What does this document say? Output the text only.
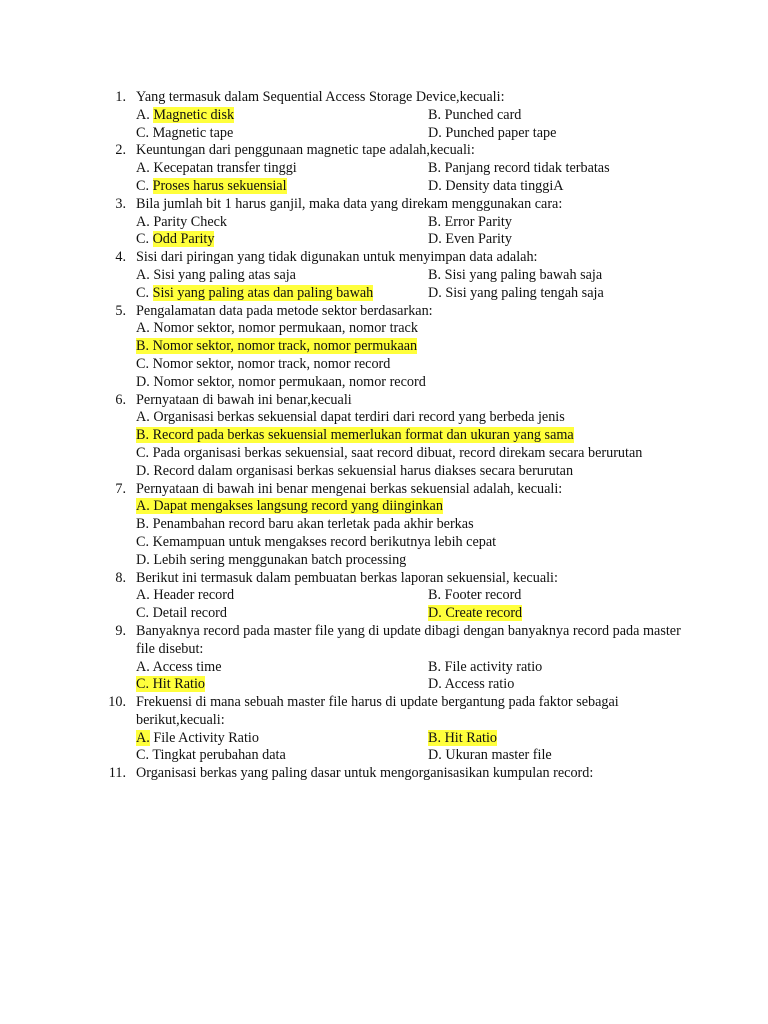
1. Yang termasuk dalam Sequential Access Storage Device,kecuali:
A. Magnetic disk	B. Punched card
C. Magnetic tape	D. Punched paper tape
2. Keuntungan dari penggunaan magnetic tape adalah,kecuali:
A. Kecepatan transfer tinggi	B. Panjang record tidak terbatas
C. Proses harus sekuensial	D. Density data tinggiA
3. Bila jumlah bit 1 harus ganjil, maka data yang direkam menggunakan cara:
A. Parity Check	B. Error Parity
C. Odd Parity	D. Even Parity
4. Sisi dari piringan yang tidak digunakan untuk menyimpan data adalah:
A. Sisi yang paling atas saja	B. Sisi yang paling bawah saja
C. Sisi yang paling atas dan paling bawah	D. Sisi yang paling tengah saja
5. Pengalamatan data pada metode sektor berdasarkan:
A. Nomor sektor, nomor permukaan, nomor track
B. Nomor sektor, nomor track, nomor permukaan
C. Nomor sektor, nomor track, nomor record
D. Nomor sektor, nomor permukaan, nomor record
6. Pernyataan di bawah ini benar,kecuali
A. Organisasi berkas sekuensial dapat terdiri dari record yang berbeda jenis
B. Record pada berkas sekuensial memerlukan format dan ukuran yang sama
C. Pada organisasi berkas sekuensial, saat record dibuat, record direkam secara berurutan
D. Record dalam organisasi berkas sekuensial harus diakses secara berurutan
7. Pernyataan di bawah ini benar mengenai berkas sekuensial adalah, kecuali:
A. Dapat mengakses langsung record yang diinginkan
B. Penambahan record baru akan terletak pada akhir berkas
C. Kemampuan untuk mengakses record berikutnya lebih cepat
D. Lebih sering menggunakan batch processing
8. Berikut ini termasuk dalam pembuatan berkas laporan sekuensial, kecuali:
A. Header record	B. Footer record
C. Detail record	D. Create record
9. Banyaknya record pada master file yang di update dibagi dengan banyaknya record pada master file disebut:
A. Access time	B. File activity ratio
C. Hit Ratio	D. Access ratio
10. Frekuensi di mana sebuah master file harus di update bergantung pada faktor sebagai berikut,kecuali:
A. File Activity Ratio	B. Hit Ratio
C. Tingkat perubahan data	D. Ukuran master file
11. Organisasi berkas yang paling dasar untuk mengorganisasikan kumpulan record:
